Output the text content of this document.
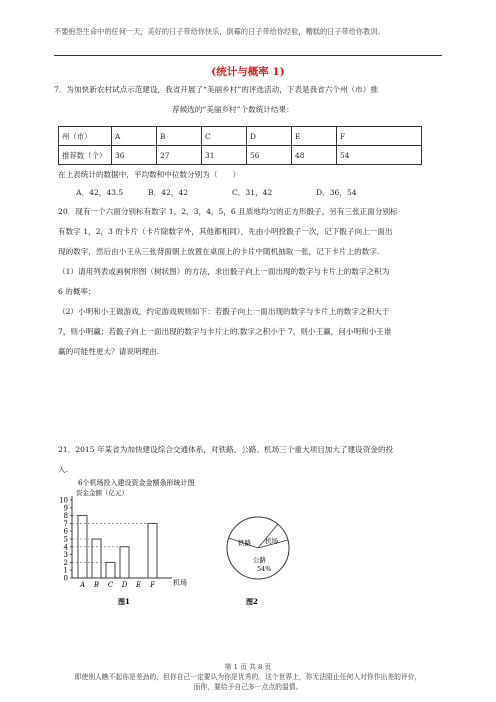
不要抱怨生命中的任何一天，美好的日子带给你快乐，倒霉的日子带给你经验，糟糕的日子带给你教训。
(统计与概率 1)
7．为加快新农村试点示范建设，我省开展了“美丽乡村”的评选活动，下表是我省六个州（市）推
荐候选的“美丽乡村”个数统计结果：
州（市）	A	B	C	D	E	F
推荐数（个）	36	27	31	56	48	54
在上表统计的数据中，平均数和中位数分别为（　　）
A．42，43.5	B．42，42	C．31，42	D．36，54
20．现有一个六面分别标有数字 1，2，3，4，5，6 且质地均匀的正方形骰子，另有三张正面分别标
有数字 1，2，3 的卡片（卡片除数字外，其他都相同），先由小明投骰子一次，记下骰子向上一面出
现的数字，然后由小王从三张背面朝上放置在桌面上的卡片中随机抽取一张，记下卡片上的数字.
（1）请用列表或画树形图（树状图）的方法，求出骰子向上一面出现的数字与卡片上的数字之积为
6 的概率；
（2）小明和小王做游戏，约定游戏规则如下：若骰子向上一面出现的数字与卡片上的数字之积大于
7，则小明赢；若骰子向上一面出现的数字与卡片上的,数字之积小于 7，则小王赢，问小明和小王谁
赢的可能性更大？请说明理由.
21．2015 年某省为加快建设综合交通体系，对铁路、公路、机场三个重大项目加大了建设资金的投
入.
6个机场投入建设资金金额条形统计图
资金金额（亿元）
机场
图1
0
1
2
3
4
5
6
7
8
9
10
A B C D E F
铁路 机场
公路
54%
图2
第 1 页 共 8 页
即使别人瞧不起你是差劲的，但你自己一定要认为你是优秀的。这个世界上，你无法阻止任何人对你作出差的评价，
而你，要给予自己多一点点的温情。
